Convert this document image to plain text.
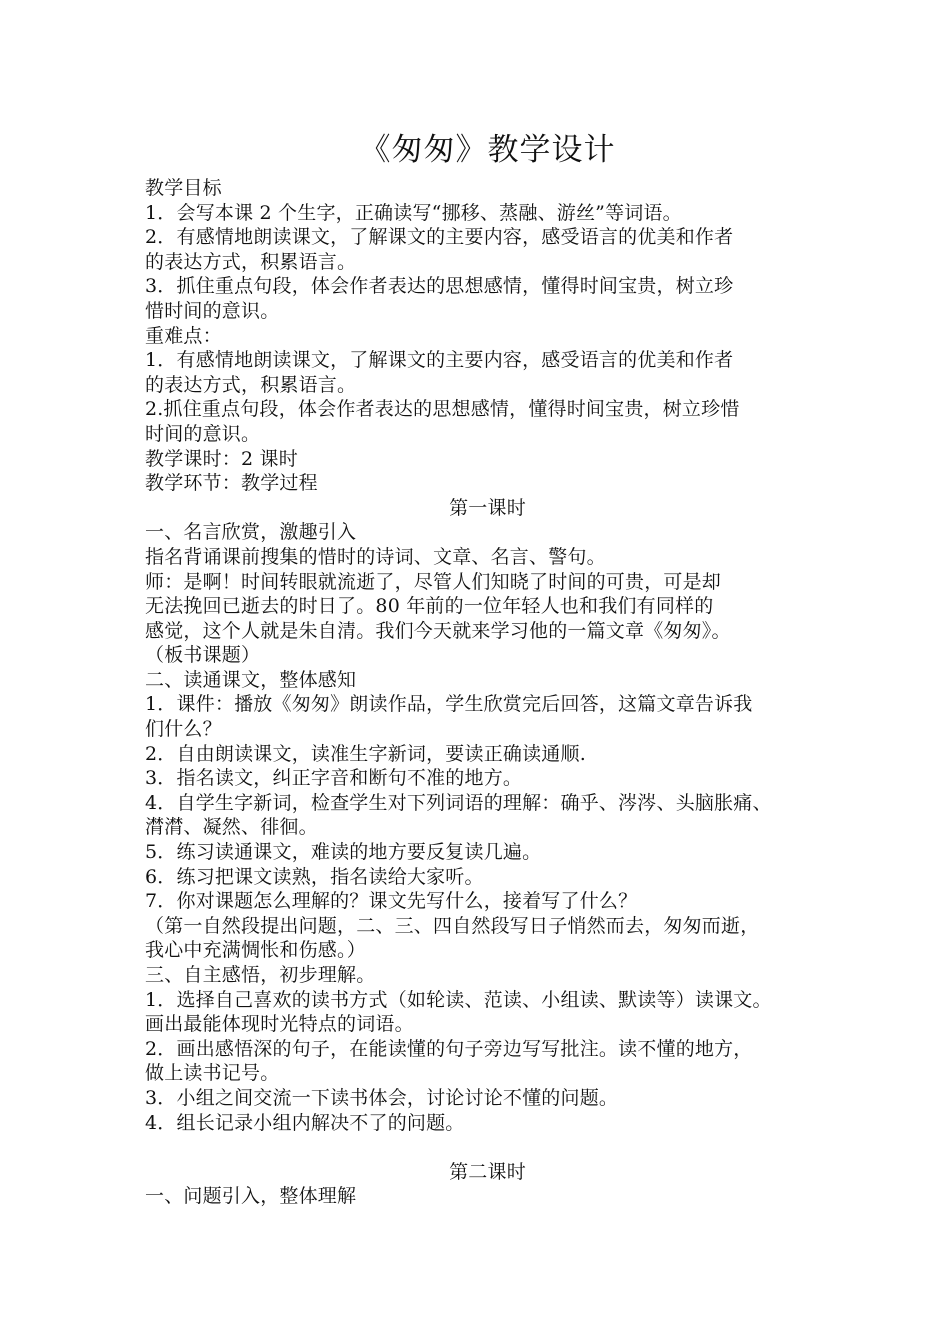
《匆匆》教学设计

教学目标

1．会写本课 2 个生字，正确读写“挪移、蒸融、游丝”等词语。

2．有感情地朗读课文，了解课文的主要内容，感受语言的优美和作者

的表达方式，积累语言。

3．抓住重点句段，体会作者表达的思想感情，懂得时间宝贵，树立珍

惜时间的意识。

重难点：

1．有感情地朗读课文，了解课文的主要内容，感受语言的优美和作者

的表达方式，积累语言。

2.抓住重点句段，体会作者表达的思想感情，懂得时间宝贵，树立珍惜

时间的意识。

教学课时：2 课时

教学环节：教学过程

第一课时

一、名言欣赏，激趣引入

指名背诵课前搜集的惜时的诗词、文章、名言、警句。

师：是啊！时间转眼就流逝了，尽管人们知晓了时间的可贵，可是却

无法挽回已逝去的时日了。80 年前的一位年轻人也和我们有同样的

感觉，这个人就是朱自清。我们今天就来学习他的一篇文章《匆匆》。

（板书课题）

二、读通课文，整体感知

1．课件：播放《匆匆》朗读作品，学生欣赏完后回答，这篇文章告诉我

们什么？

2．自由朗读课文，读准生字新词，要读正确读通顺.

3．指名读文，纠正字音和断句不准的地方。

4．自学生字新词，检查学生对下列词语的理解：确乎、涔涔、头脑胀痛、

潸潸、凝然、徘徊。

5．练习读通课文，难读的地方要反复读几遍。

6．练习把课文读熟，指名读给大家听。

7．你对课题怎么理解的？课文先写什么，接着写了什么？

（第一自然段提出问题，二、三、四自然段写日子悄然而去，匆匆而逝，

我心中充满惆怅和伤感。）

三、自主感悟，初步理解。

1．选择自己喜欢的读书方式（如轮读、范读、小组读、默读等）读课文。

画出最能体现时光特点的词语。

2．画出感悟深的句子，在能读懂的句子旁边写写批注。读不懂的地方，

做上读书记号。

3．小组之间交流一下读书体会，讨论讨论不懂的问题。

4．组长记录小组内解决不了的问题。

第二课时

一、问题引入，整体理解
